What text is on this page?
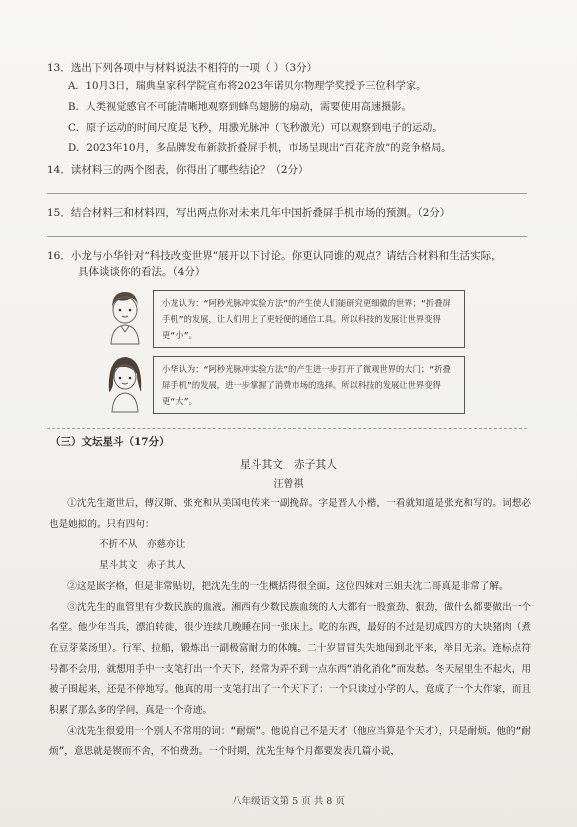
13．选出下列各项中与材料说法不相符的一项（ ）（3分）
A．10月3日，瑞典皇家科学院宣布将2023年诺贝尔物理学奖授予三位科学家。
B．人类视觉感官不可能清晰地观察到蜂鸟翅膀的扇动，需要使用高速摄影。
C．原子运动的时间尺度是飞秒，用激光脉冲（飞秒激光）可以观察到电子的运动。
D．2023年10月，多品牌发布新款折叠屏手机，市场呈现出“百花齐放”的竞争格局。
14．读材料三的两个图表，你得出了哪些结论？（2分）
15．结合材料三和材料四，写出两点你对未来几年中国折叠屏手机市场的预测。（2分）
16．小龙与小华针对“科技改变世界”展开以下讨论。你更认同谁的观点？请结合材料和生活实际，
具体谈谈你的看法。（4分）
小龙认为：“阿秒光脉冲实验方法”的产生使人们能研究更细微的世界；“折叠屏手机”的发展，让人们用上了更轻便的通信工具。所以科技的发展让世界变得更“小”。
小华认为：“阿秒光脉冲实验方法”的产生进一步打开了微观世界的大门；“折叠屏手机”的发展，进一步掌握了消费市场的选择。所以科技的发展让世界变得更“大”。
（三）文坛星斗（17分）
星斗其文　赤子其人
汪曾祺

①沈先生逝世后，傅汉斯、张充和从美国电传来一副挽辞。字是晋人小楷，一看就知道是张充和写的。词想必也是她拟的。只有四句：

不折不从　亦慈亦让

星斗其文　赤子其人

②这是嵌字格，但是非常贴切，把沈先生的一生概括得很全面。这位四妹对三姐夫沈二哥真是非常了解。

③沈先生的血管里有少数民族的血液。湘西有少数民族血统的人大都有一股蛮劲、狠劲，做什么都要做出一个名堂。他少年当兵，漂泊转徙，很少连续几晚睡在同一张床上。吃的东西，最好的不过是切成四方的大块猪肉（煮在豆芽菜汤里）。行军、拉船，锻炼出一副极富耐力的体魄。二十岁冒冒失失地闯到北平来，举目无亲。连标点符号都不会用，就想用手中一支笔打出一个天下，经常为弄不到一点东西“消化消化”而发愁。冬天屋里生不起火，用被子围起来，还是不停地写。他真的用一支笔打出了一个天下了：一个只读过小学的人，竟成了一个大作家，而且积累了那么多的学问，真是一个奇迹。

④沈先生很爱用一个别人不常用的词：“耐烦”。他说自己不是天才（他应当算是个天才），只是耐烦。他的“耐烦”，意思就是锲而不舍，不怕费劲。一个时期，沈先生每个月都要发表几篇小说，

八年级语文第 5 页 共 8 页
